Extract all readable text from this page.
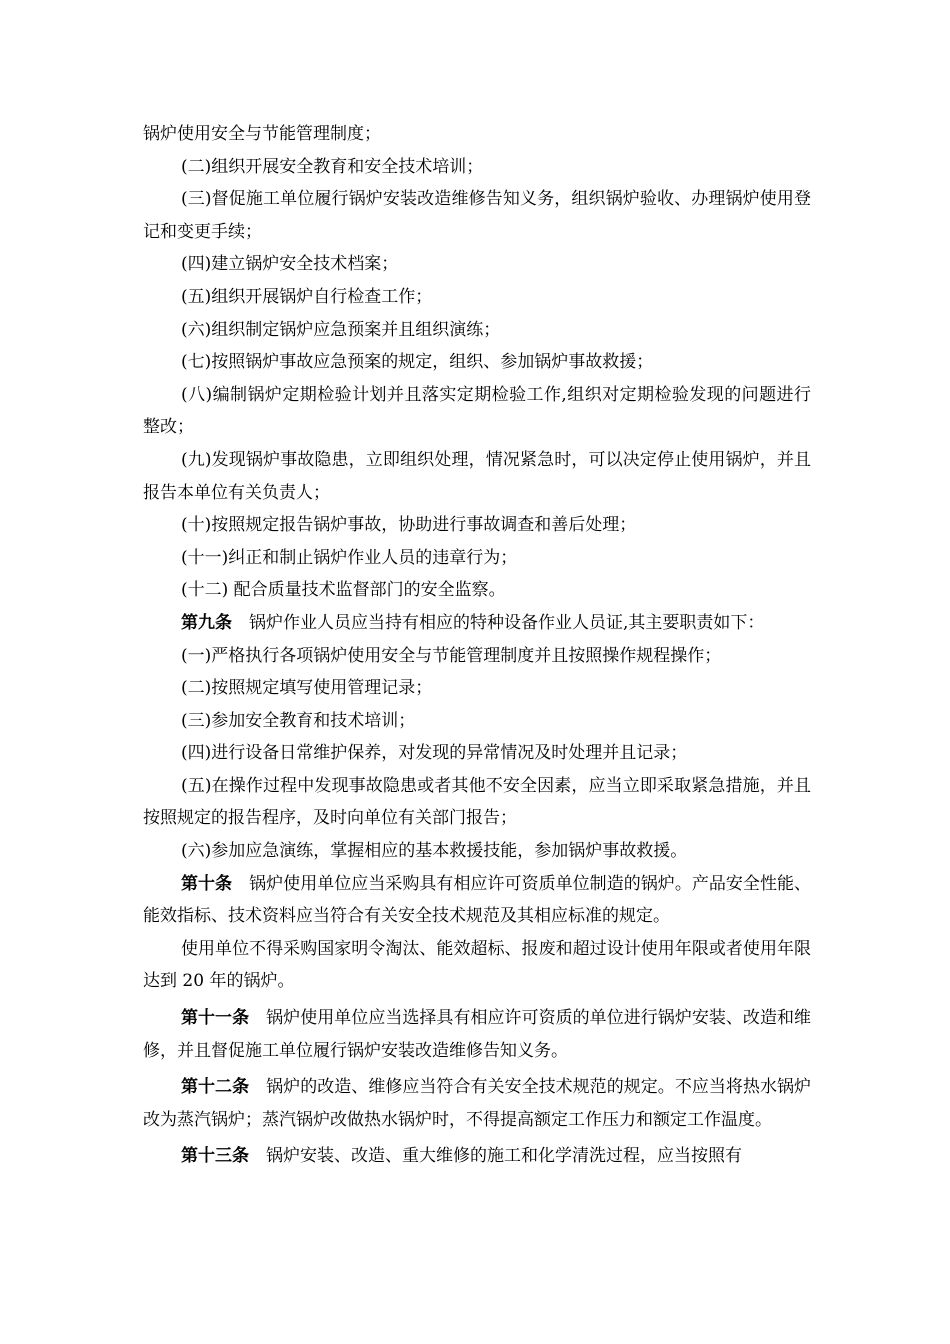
锅炉使用安全与节能管理制度；

(二)组织开展安全教育和安全技术培训；

(三)督促施工单位履行锅炉安装改造维修告知义务，组织锅炉验收、办理锅炉使用登记和变更手续；

(四)建立锅炉安全技术档案；

(五)组织开展锅炉自行检查工作；

(六)组织制定锅炉应急预案并且组织演练；

(七)按照锅炉事故应急预案的规定，组织、参加锅炉事故救援；

(八)编制锅炉定期检验计划并且落实定期检验工作,组织对定期检验发现的问题进行整改；

(九)发现锅炉事故隐患，立即组织处理，情况紧急时，可以决定停止使用锅炉，并且报告本单位有关负责人；

(十)按照规定报告锅炉事故，协助进行事故调查和善后处理；

(十一)纠正和制止锅炉作业人员的违章行为；

(十二) 配合质量技术监督部门的安全监察。

第九条  锅炉作业人员应当持有相应的特种设备作业人员证,其主要职责如下：

(一)严格执行各项锅炉使用安全与节能管理制度并且按照操作规程操作；

(二)按照规定填写使用管理记录；

(三)参加安全教育和技术培训；

(四)进行设备日常维护保养，对发现的异常情况及时处理并且记录；

(五)在操作过程中发现事故隐患或者其他不安全因素，应当立即采取紧急措施，并且按照规定的报告程序，及时向单位有关部门报告；

(六)参加应急演练，掌握相应的基本救援技能，参加锅炉事故救援。

第十条  锅炉使用单位应当采购具有相应许可资质单位制造的锅炉。产品安全性能、能效指标、技术资料应当符合有关安全技术规范及其相应标准的规定。

使用单位不得采购国家明令淘汰、能效超标、报废和超过设计使用年限或者使用年限达到 20 年的锅炉。

第十一条  锅炉使用单位应当选择具有相应许可资质的单位进行锅炉安装、改造和维修，并且督促施工单位履行锅炉安装改造维修告知义务。

第十二条  锅炉的改造、维修应当符合有关安全技术规范的规定。不应当将热水锅炉改为蒸汽锅炉；蒸汽锅炉改做热水锅炉时，不得提高额定工作压力和额定工作温度。

第十三条  锅炉安装、改造、重大维修的施工和化学清洗过程，应当按照有
